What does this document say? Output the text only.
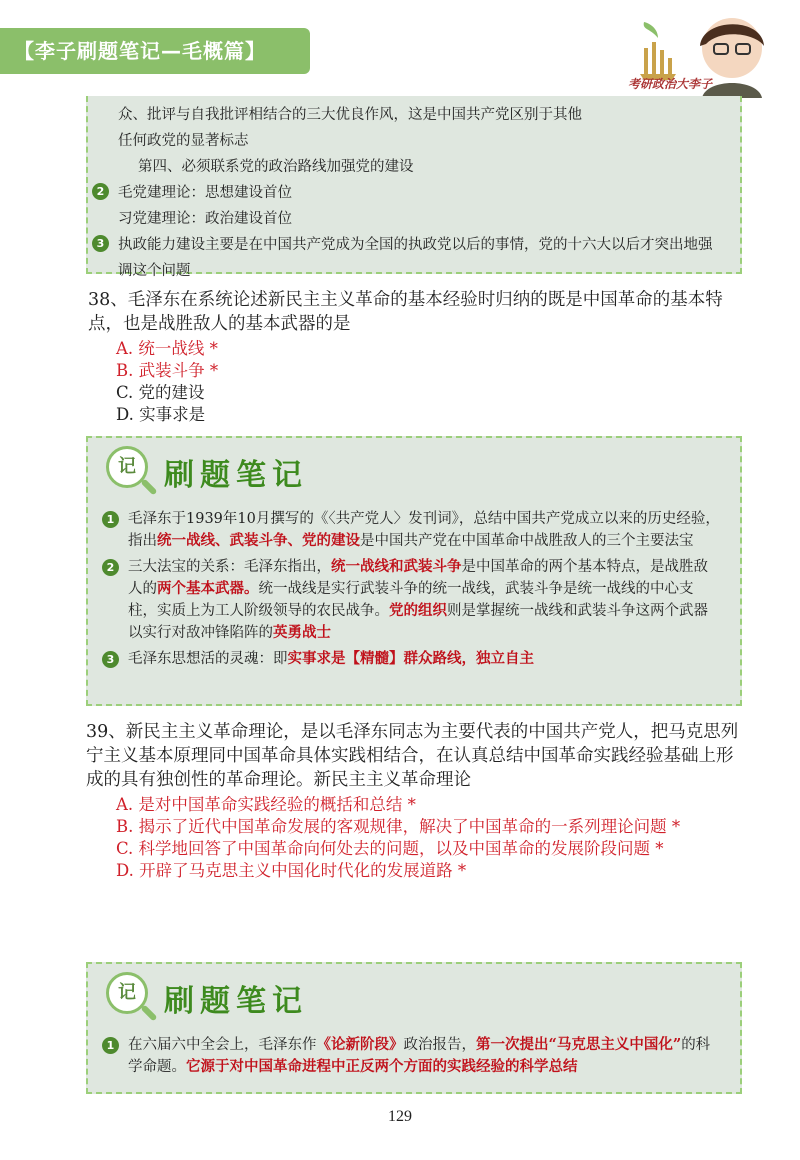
【李子刷题笔记—毛概篇】
考研政治大李子
众、批评与自我批评相结合的三大优良作风，这是中国共产党区别于其他
任何政党的显著标志
第四、必须联系党的政治路线加强党的建设
2 毛党建理论：思想建设首位
习党建理论：政治建设首位
3 执政能力建设主要是在中国共产党成为全国的执政党以后的事情，党的十六大以后才突出地强调这个问题
38、毛泽东在系统论述新民主主义革命的基本经验时归纳的既是中国革命的基本特点，也是战胜敌人的基本武器的是
A. 统一战线 *
B. 武装斗争 *
C. 党的建设
D. 实事求是
记 刷题笔记
1 毛泽东于1939年10月撰写的《〈共产党人〉发刊词》，总结中国共产党成立以来的历史经验，指出统一战线、武装斗争、党的建设是中国共产党在中国革命中战胜敌人的三个主要法宝
2 三大法宝的关系：毛泽东指出，统一战线和武装斗争是中国革命的两个基本特点，是战胜敌人的两个基本武器。统一战线是实行武装斗争的统一战线，武装斗争是统一战线的中心支柱，实质上为工人阶级领导的农民战争。党的组织则是掌握统一战线和武装斗争这两个武器以实行对敌冲锋陷阵的英勇战士
3 毛泽东思想活的灵魂：即实事求是【精髓】群众路线，独立自主
39、新民主主义革命理论，是以毛泽东同志为主要代表的中国共产党人，把马克思列宁主义基本原理同中国革命具体实践相结合，在认真总结中国革命实践经验基础上形成的具有独创性的革命理论。新民主主义革命理论
A. 是对中国革命实践经验的概括和总结 *
B. 揭示了近代中国革命发展的客观规律，解决了中国革命的一系列理论问题 *
C. 科学地回答了中国革命向何处去的问题，以及中国革命的发展阶段问题 *
D. 开辟了马克思主义中国化时代化的发展道路 *
记 刷题笔记
1 在六届六中全会上，毛泽东作《论新阶段》政治报告，第一次提出“马克思主义中国化”的科学命题。它源于对中国革命进程中正反两个方面的实践经验的科学总结
129
